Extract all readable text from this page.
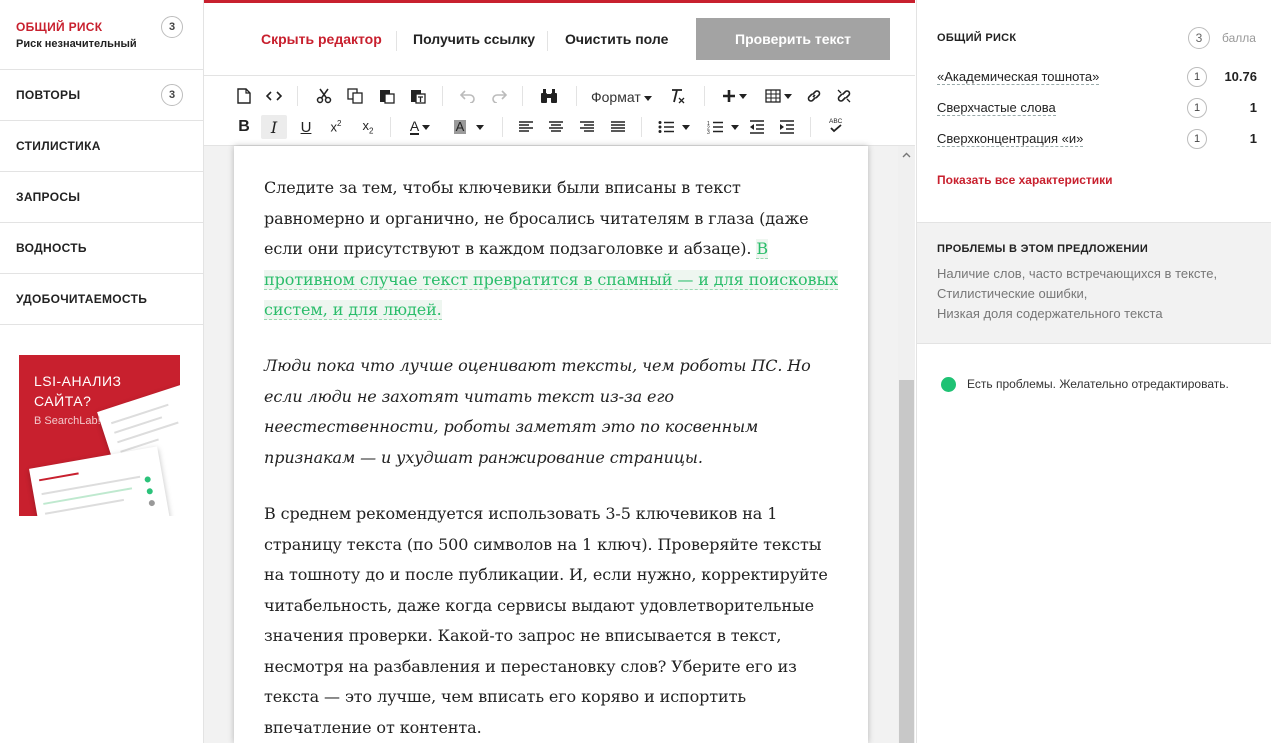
ОБЩИЙ РИСК
Риск незначительный
3
ПОВТОРЫ	3
СТИЛИСТИКА
ЗАПРОСЫ
ВОДНОСТЬ
УДОБОЧИТАЕМОСТЬ
LSI-АНАЛИЗ
САЙТА?
В SearchLab!
Скрыть редактор Получить ссылку Очистить поле	Проверить текст
Формат
B I U $x^2$ $x_2$	A	A	1
2
3
ABC

Следите за тем, чтобы ключевики были вписаны в текст равномерно и органично, не бросались читателям в глаза (даже если они присутствуют в каждом подзаголовке и абзаце). В противном случае текст превратится в спамный — и для поисковых систем, и для людей.

Люди пока что лучше оценивают тексты, чем роботы ПС. Но если люди не захотят читать текст из-за его неестественности, роботы заметят это по косвенным признакам — и ухудшат ранжирование страницы.

В среднем рекомендуется использовать 3-5 ключевиков на 1 страницу текста (по 500 символов на 1 ключ). Проверяйте тексты на тошноту до и после публикации. И, если нужно, корректируйте читабельность, даже когда сервисы выдают удовлетворительные значения проверки. Какой-то запрос не вписывается в текст, несмотря на разбавления и перестановку слов? Уберите его из текста — это лучше, чем вписать его коряво и испортить впечатление от контента.

ОБЩИЙ РИСК	3	балла
«Академическая тошнота»	1	10.76
Сверхчастые слова	1	1
Сверхконцентрация «и»	1	1
Показать все характеристики
ПРОБЛЕМЫ В ЭТОМ ПРЕДЛОЖЕНИИ
Наличие слов, часто встречающихся в тексте,
Стилистические ошибки,
Низкая доля содержательного текста
Есть проблемы. Желательно отредактировать.
